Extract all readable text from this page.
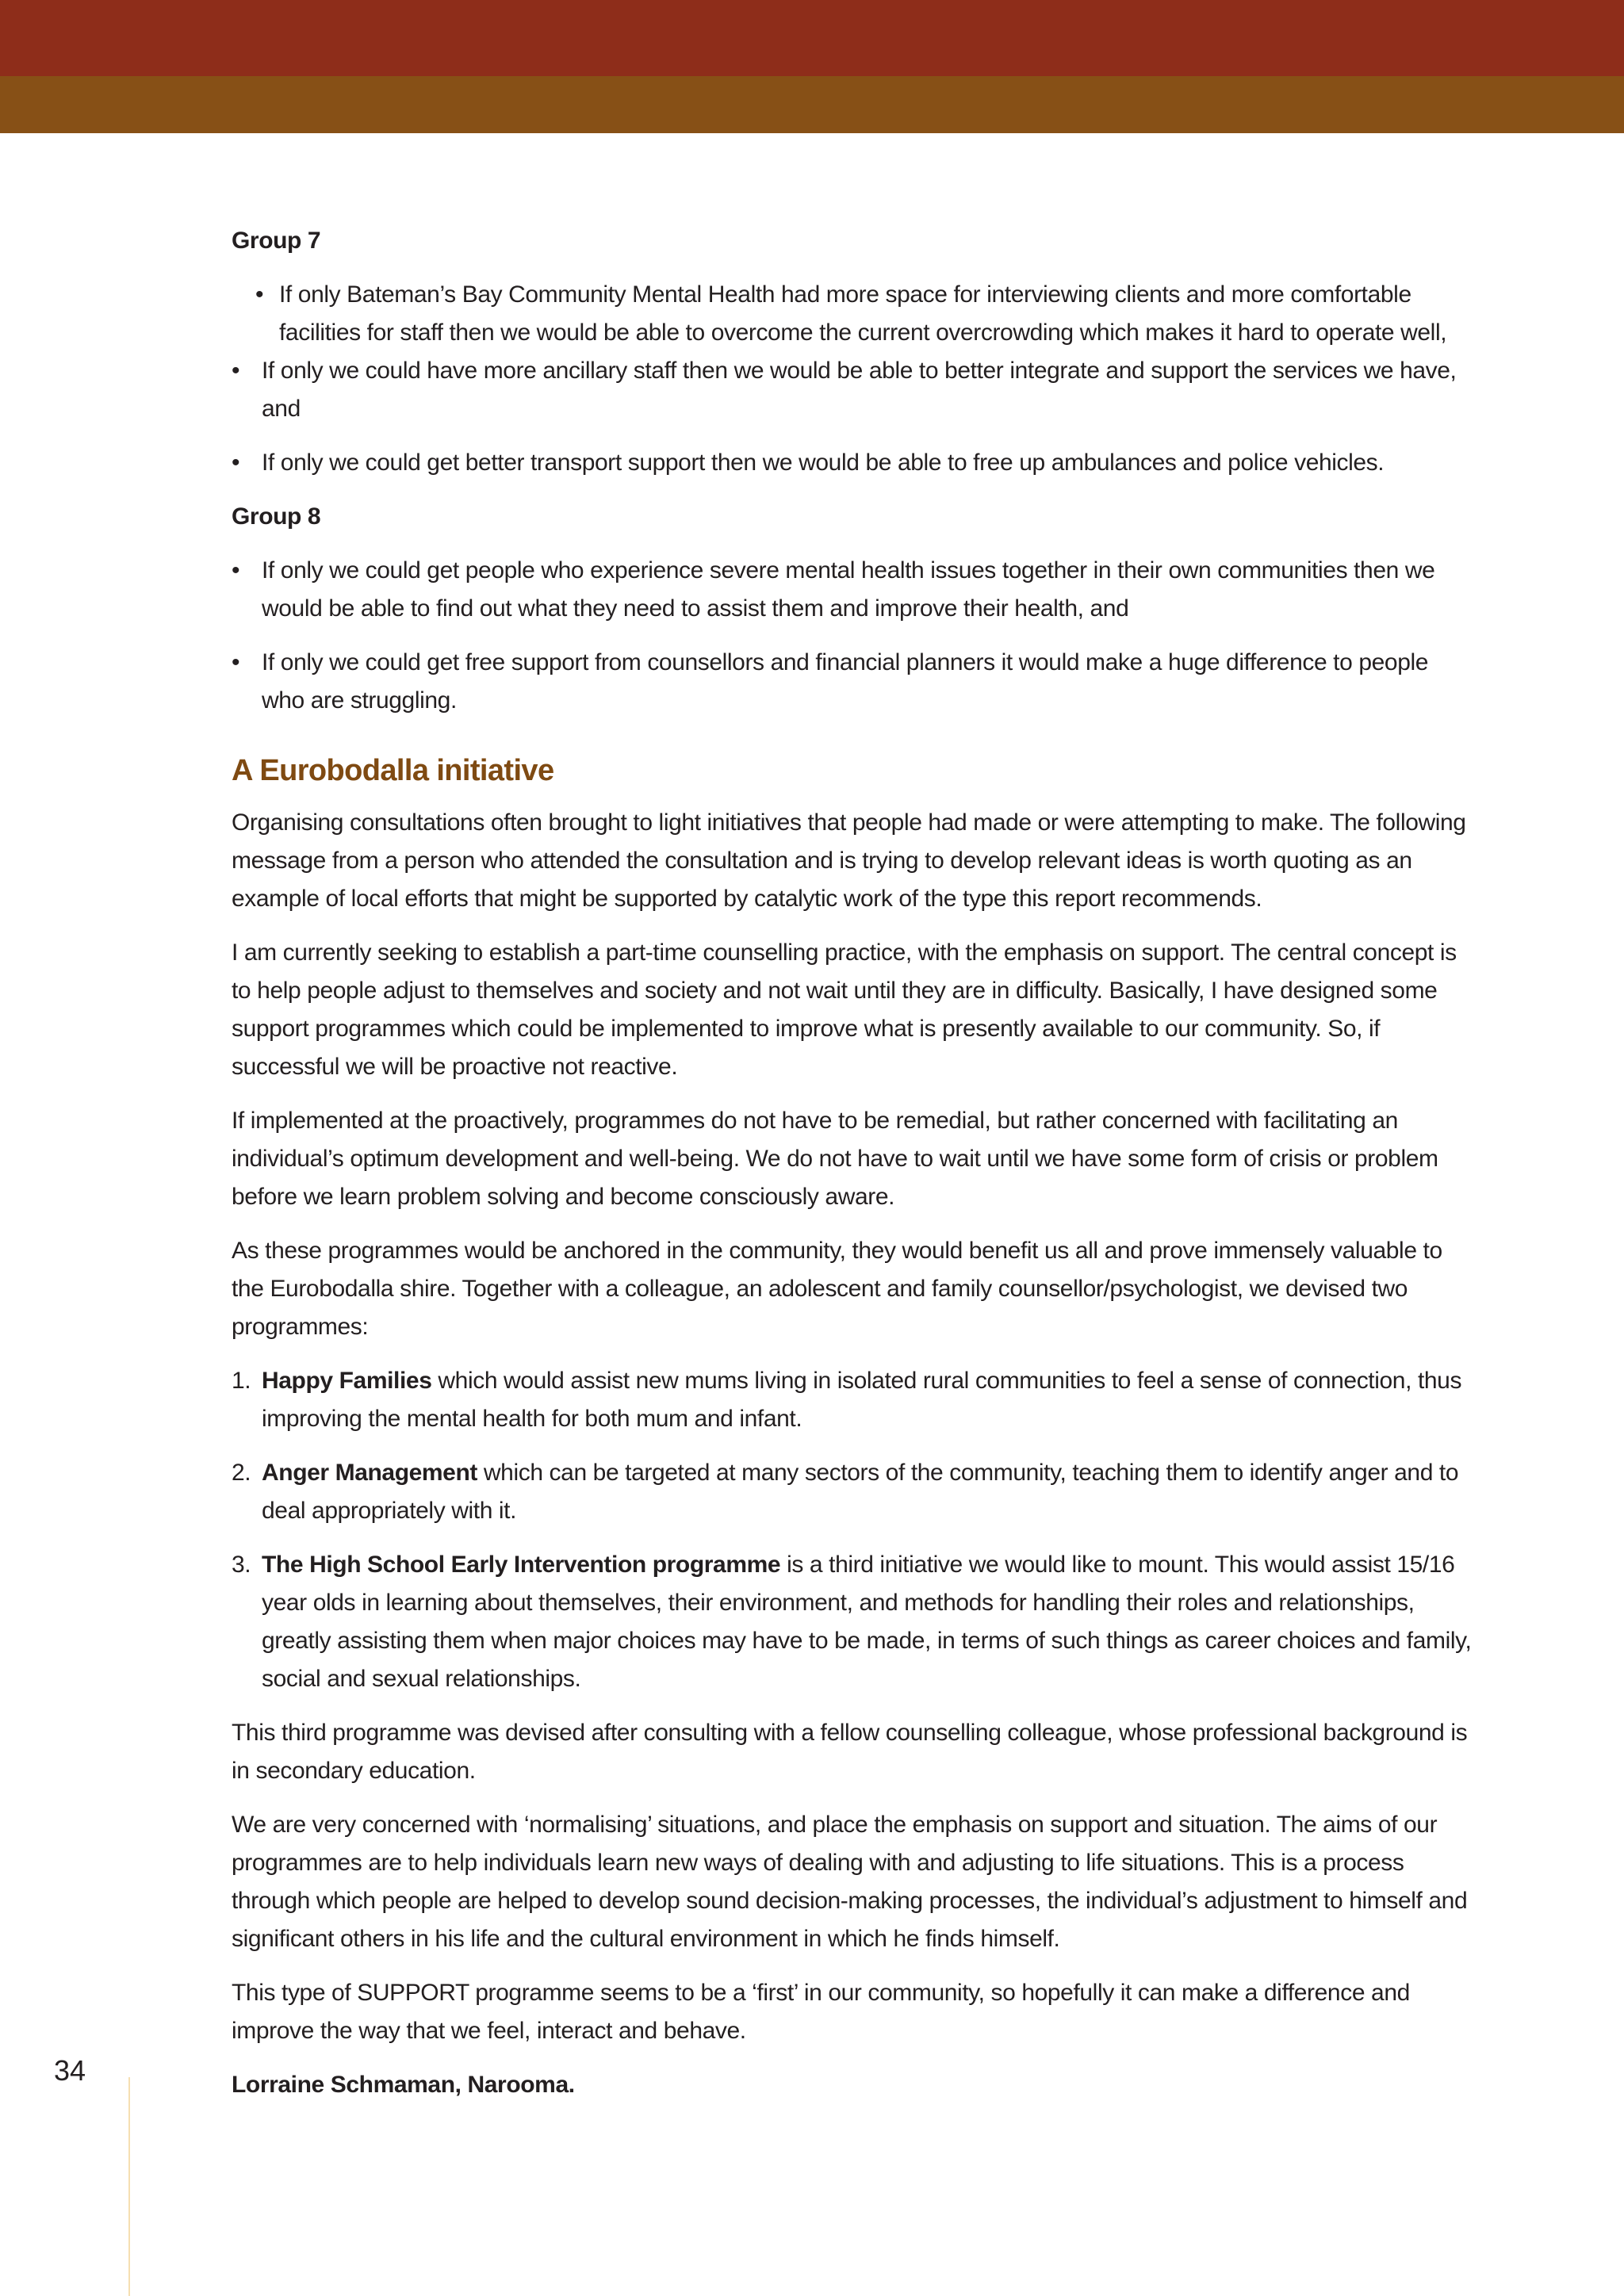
34
Group 7
• If only Bateman’s Bay Community Mental Health had more space for interviewing clients and more comfortable facilities for staff then we would be able to overcome the current overcrowding which makes it hard to operate well,
• If only we could have more ancillary staff then we would be able to better integrate and support the services we have, and
• If only we could get better transport support then we would be able to free up ambulances and police vehicles.
Group 8
• If only we could get people who experience severe mental health issues together in their own communities then we would be able to find out what they need to assist them and improve their health, and
• If only we could get free support from counsellors and financial planners it would make a huge difference to people who are struggling.
A Eurobodalla initiative

Organising consultations often brought to light initiatives that people had made or were attempting to make. The following message from a person who attended the consultation and is trying to develop relevant ideas is worth quoting as an example of local efforts that might be supported by catalytic work of the type this report recommends.

I am currently seeking to establish a part-time counselling practice, with the emphasis on support. The central concept is to help people adjust to themselves and society and not wait until they are in difficulty. Basically, I have designed some support programmes which could be implemented to improve what is presently available to our community. So, if successful we will be proactive not reactive.

If implemented at the proactively, programmes do not have to be remedial, but rather concerned with facilitating an individual’s optimum development and well-being. We do not have to wait until we have some form of crisis or problem before we learn problem solving and become consciously aware.

As these programmes would be anchored in the community, they would benefit us all and prove immensely valuable to the Eurobodalla shire. Together with a colleague, an adolescent and family counsellor/psychologist, we devised two programmes:

1. Happy Families which would assist new mums living in isolated rural communities to feel a sense of connection, thus improving the mental health for both mum and infant.
2. Anger Management which can be targeted at many sectors of the community, teaching them to identify anger and to deal appropriately with it.
3. The High School Early Intervention programme is a third initiative we would like to mount. This would assist 15/16 year olds in learning about themselves, their environment, and methods for handling their roles and relationships, greatly assisting them when major choices may have to be made, in terms of such things as career choices and family, social and sexual relationships.

This third programme was devised after consulting with a fellow counselling colleague, whose professional background is in secondary education.

We are very concerned with ‘normalising’ situations, and place the emphasis on support and situation. The aims of our programmes are to help individuals learn new ways of dealing with and adjusting to life situations. This is a process through which people are helped to develop sound decision-making processes, the individual’s adjustment to himself and significant others in his life and the cultural environment in which he finds himself.

This type of SUPPORT programme seems to be a ‘first’ in our community, so hopefully it can make a difference and improve the way that we feel, interact and behave.

Lorraine Schmaman, Narooma.
